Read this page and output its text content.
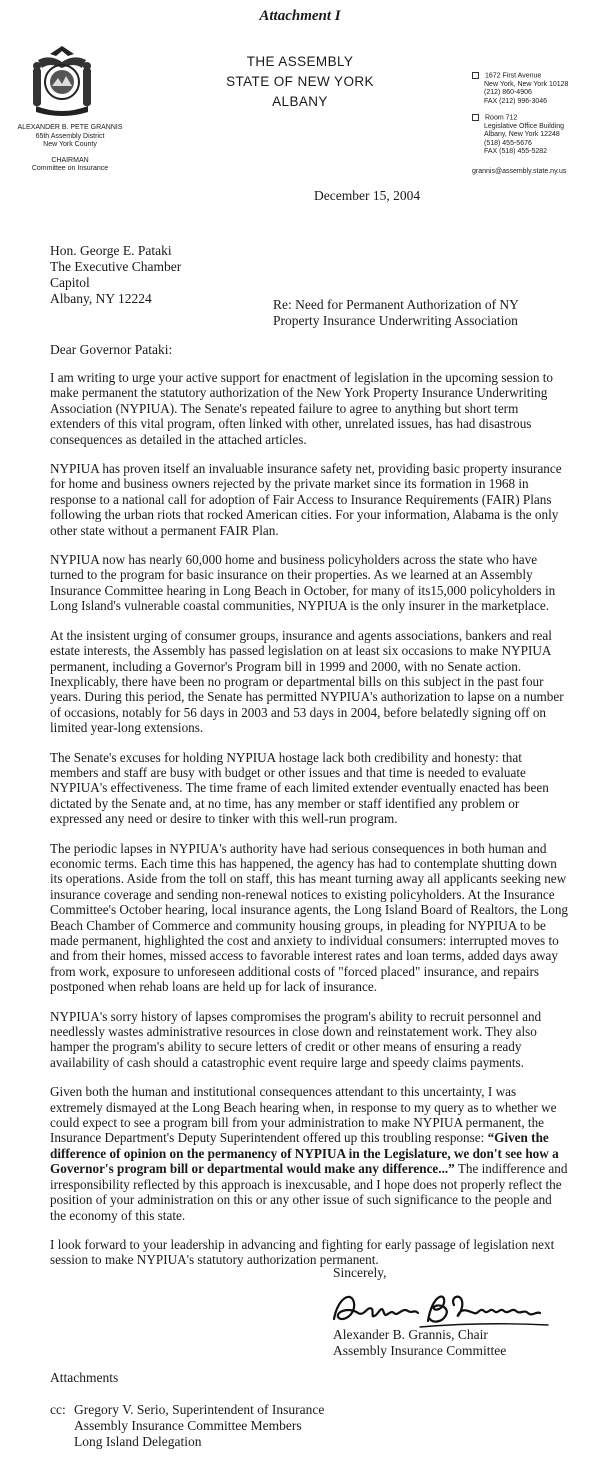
Attachment I
THE ASSEMBLY
STATE OF NEW YORK
ALBANY
ALEXANDER B. PETE GRANNIS
65th Assembly District
New York County
CHAIRMAN
Committee on Insurance
1672 First Avenue
New York, New York 10128
(212) 860-4906
FAX (212) 996-3046
Room 712
Legislative Office Building
Albany, New York 12248
(518) 455-5676
FAX (518) 455-5282
grannis@assembly.state.ny.us
December 15, 2004
Hon. George E. Pataki
The Executive Chamber
Capitol
Albany, NY 12224	Re: Need for Permanent Authorization of NY
Property Insurance Underwriting Association
Dear Governor Pataki:

I am writing to urge your active support for enactment of legislation in the upcoming session to make permanent the statutory authorization of the New York Property Insurance Underwriting Association (NYPIUA). The Senate's repeated failure to agree to anything but short term extenders of this vital program, often linked with other, unrelated issues, has had disastrous consequences as detailed in the attached articles.

NYPIUA has proven itself an invaluable insurance safety net, providing basic property insurance for home and business owners rejected by the private market since its formation in 1968 in response to a national call for adoption of Fair Access to Insurance Requirements (FAIR) Plans following the urban riots that rocked American cities. For your information, Alabama is the only other state without a permanent FAIR Plan.

NYPIUA now has nearly 60,000 home and business policyholders across the state who have turned to the program for basic insurance on their properties. As we learned at an Assembly Insurance Committee hearing in Long Beach in October, for many of its15,000 policyholders in Long Island's vulnerable coastal communities, NYPIUA is the only insurer in the marketplace.

At the insistent urging of consumer groups, insurance and agents associations, bankers and real estate interests, the Assembly has passed legislation on at least six occasions to make NYPIUA permanent, including a Governor's Program bill in 1999 and 2000, with no Senate action. Inexplicably, there have been no program or departmental bills on this subject in the past four years. During this period, the Senate has permitted NYPIUA's authorization to lapse on a number of occasions, notably for 56 days in 2003 and 53 days in 2004, before belatedly signing off on limited year-long extensions.

The Senate's excuses for holding NYPIUA hostage lack both credibility and honesty: that members and staff are busy with budget or other issues and that time is needed to evaluate NYPIUA's effectiveness. The time frame of each limited extender eventually enacted has been dictated by the Senate and, at no time, has any member or staff identified any problem or expressed any need or desire to tinker with this well-run program.

The periodic lapses in NYPIUA's authority have had serious consequences in both human and economic terms. Each time this has happened, the agency has had to contemplate shutting down its operations. Aside from the toll on staff, this has meant turning away all applicants seeking new insurance coverage and sending non-renewal notices to existing policyholders. At the Insurance Committee's October hearing, local insurance agents, the Long Island Board of Realtors, the Long Beach Chamber of Commerce and community housing groups, in pleading for NYPIUA to be made permanent, highlighted the cost and anxiety to individual consumers: interrupted moves to and from their homes, missed access to favorable interest rates and loan terms, added days away from work, exposure to unforeseen additional costs of "forced placed" insurance, and repairs postponed when rehab loans are held up for lack of insurance.

NYPIUA's sorry history of lapses compromises the program's ability to recruit personnel and needlessly wastes administrative resources in close down and reinstatement work. They also hamper the program's ability to secure letters of credit or other means of ensuring a ready availability of cash should a catastrophic event require large and speedy claims payments.

Given both the human and institutional consequences attendant to this uncertainty, I was extremely dismayed at the Long Beach hearing when, in response to my query as to whether we could expect to see a program bill from your administration to make NYPIUA permanent, the Insurance Department's Deputy Superintendent offered up this troubling response: “Given the difference of opinion on the permanency of NYPIUA in the Legislature, we don't see how a Governor's program bill or departmental would make any difference...” The indifference and irresponsibility reflected by this approach is inexcusable, and I hope does not properly reflect the position of your administration on this or any other issue of such significance to the people and the economy of this state.

I look forward to your leadership in advancing and fighting for early passage of legislation next session to make NYPIUA's statutory authorization permanent.

Sincerely,
Alexander B. Grannis, Chair
Assembly Insurance Committee
Attachments
cc: Gregory V. Serio, Superintendent of Insurance
Assembly Insurance Committee Members
Long Island Delegation
